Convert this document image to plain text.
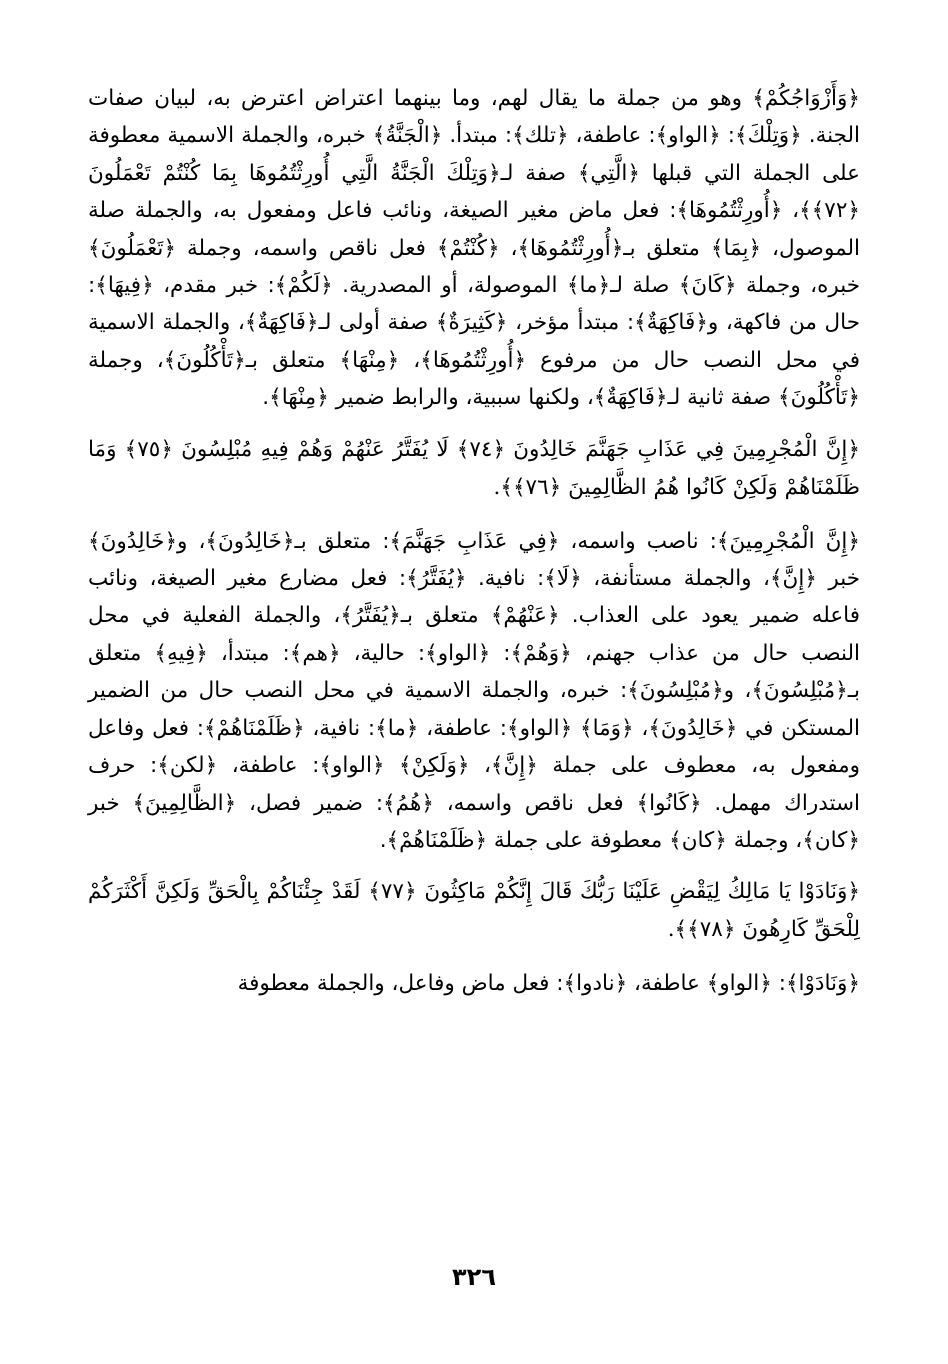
﴿وَأَزْوَاجُكُمْ﴾ وهو من جملة ما يقال لهم، وما بينهما اعتراض اعترض به، لبيان صفات الجنة. ﴿وَتِلْكَ﴾: ﴿الواو﴾: عاطفة، ﴿تلك﴾: مبتدأ. ﴿الْجَنَّةُ﴾ خبره، والجملة الاسمية معطوفة على الجملة التي قبلها ﴿الَّتِي﴾ صفة لـ﴿وَتِلْكَ الْجَنَّةُ الَّتِي أُورِثْتُمُوهَا بِمَا كُنْتُمْ تَعْمَلُونَ ﴿٧٢﴾﴾، ﴿أُورِثْتُمُوهَا﴾: فعل ماض مغير الصيغة، ونائب فاعل ومفعول به، والجملة صلة الموصول، ﴿بِمَا﴾ متعلق بـ﴿أُورِثْتُمُوهَا﴾، ﴿كُنْتُمْ﴾ فعل ناقص واسمه، وجملة ﴿تَعْمَلُونَ﴾ خبره، وجملة ﴿كَانَ﴾ صلة لـ﴿ما﴾ الموصولة، أو المصدرية. ﴿لَكُمْ﴾: خبر مقدم، ﴿فِيهَا﴾: حال من فاكهة، و﴿فَاكِهَةٌ﴾: مبتدأ مؤخر، ﴿كَثِيرَةٌ﴾ صفة أولى لـ﴿فَاكِهَةٌ﴾، والجملة الاسمية في محل النصب حال من مرفوع ﴿أُورِثْتُمُوهَا﴾، ﴿مِنْهَا﴾ متعلق بـ﴿تَأْكُلُونَ﴾، وجملة ﴿تَأْكُلُونَ﴾ صفة ثانية لـ﴿فَاكِهَةٌ﴾، ولكنها سببية، والرابط ضمير ﴿مِنْهَا﴾.

﴿إِنَّ الْمُجْرِمِينَ فِي عَذَابِ جَهَنَّمَ خَالِدُونَ ﴿٧٤﴾ لَا يُفَتَّرُ عَنْهُمْ وَهُمْ فِيهِ مُبْلِسُونَ ﴿٧٥﴾ وَمَا ظَلَمْنَاهُمْ وَلَكِنْ كَانُوا هُمُ الظَّالِمِينَ ﴿٧٦﴾﴾.

﴿إِنَّ الْمُجْرِمِينَ﴾: ناصب واسمه، ﴿فِي عَذَابِ جَهَنَّمَ﴾: متعلق بـ﴿خَالِدُونَ﴾، و﴿خَالِدُونَ﴾ خبر ﴿إِنَّ﴾، والجملة مستأنفة، ﴿لَا﴾: نافية. ﴿يُفَتَّرُ﴾: فعل مضارع مغير الصيغة، ونائب فاعله ضمير يعود على العذاب. ﴿عَنْهُمْ﴾ متعلق بـ﴿يُفَتَّرُ﴾، والجملة الفعلية في محل النصب حال من عذاب جهنم، ﴿وَهُمْ﴾: ﴿الواو﴾: حالية، ﴿هم﴾: مبتدأ، ﴿فِيهِ﴾ متعلق بـ﴿مُبْلِسُونَ﴾، و﴿مُبْلِسُونَ﴾: خبره، والجملة الاسمية في محل النصب حال من الضمير المستكن في ﴿خَالِدُونَ﴾، ﴿وَمَا﴾ ﴿الواو﴾: عاطفة، ﴿ما﴾: نافية، ﴿ظَلَمْنَاهُمْ﴾: فعل وفاعل ومفعول به، معطوف على جملة ﴿إِنَّ﴾، ﴿وَلَكِنْ﴾ ﴿الواو﴾: عاطفة، ﴿لكن﴾: حرف استدراك مهمل. ﴿كَانُوا﴾ فعل ناقص واسمه، ﴿هُمُ﴾: ضمير فصل، ﴿الظَّالِمِينَ﴾ خبر ﴿كان﴾، وجملة ﴿كان﴾ معطوفة على جملة ﴿ظَلَمْنَاهُمْ﴾.

﴿وَنَادَوْا يَا مَالِكُ لِيَقْضِ عَلَيْنَا رَبُّكَ قَالَ إِنَّكُمْ مَاكِثُونَ ﴿٧٧﴾ لَقَدْ جِئْنَاكُمْ بِالْحَقِّ وَلَكِنَّ أَكْثَرَكُمْ لِلْحَقِّ كَارِهُونَ ﴿٧٨﴾﴾.

﴿وَنَادَوْا﴾: ﴿الواو﴾ عاطفة، ﴿نادوا﴾: فعل ماض وفاعل، والجملة معطوفة

٣٢٦
